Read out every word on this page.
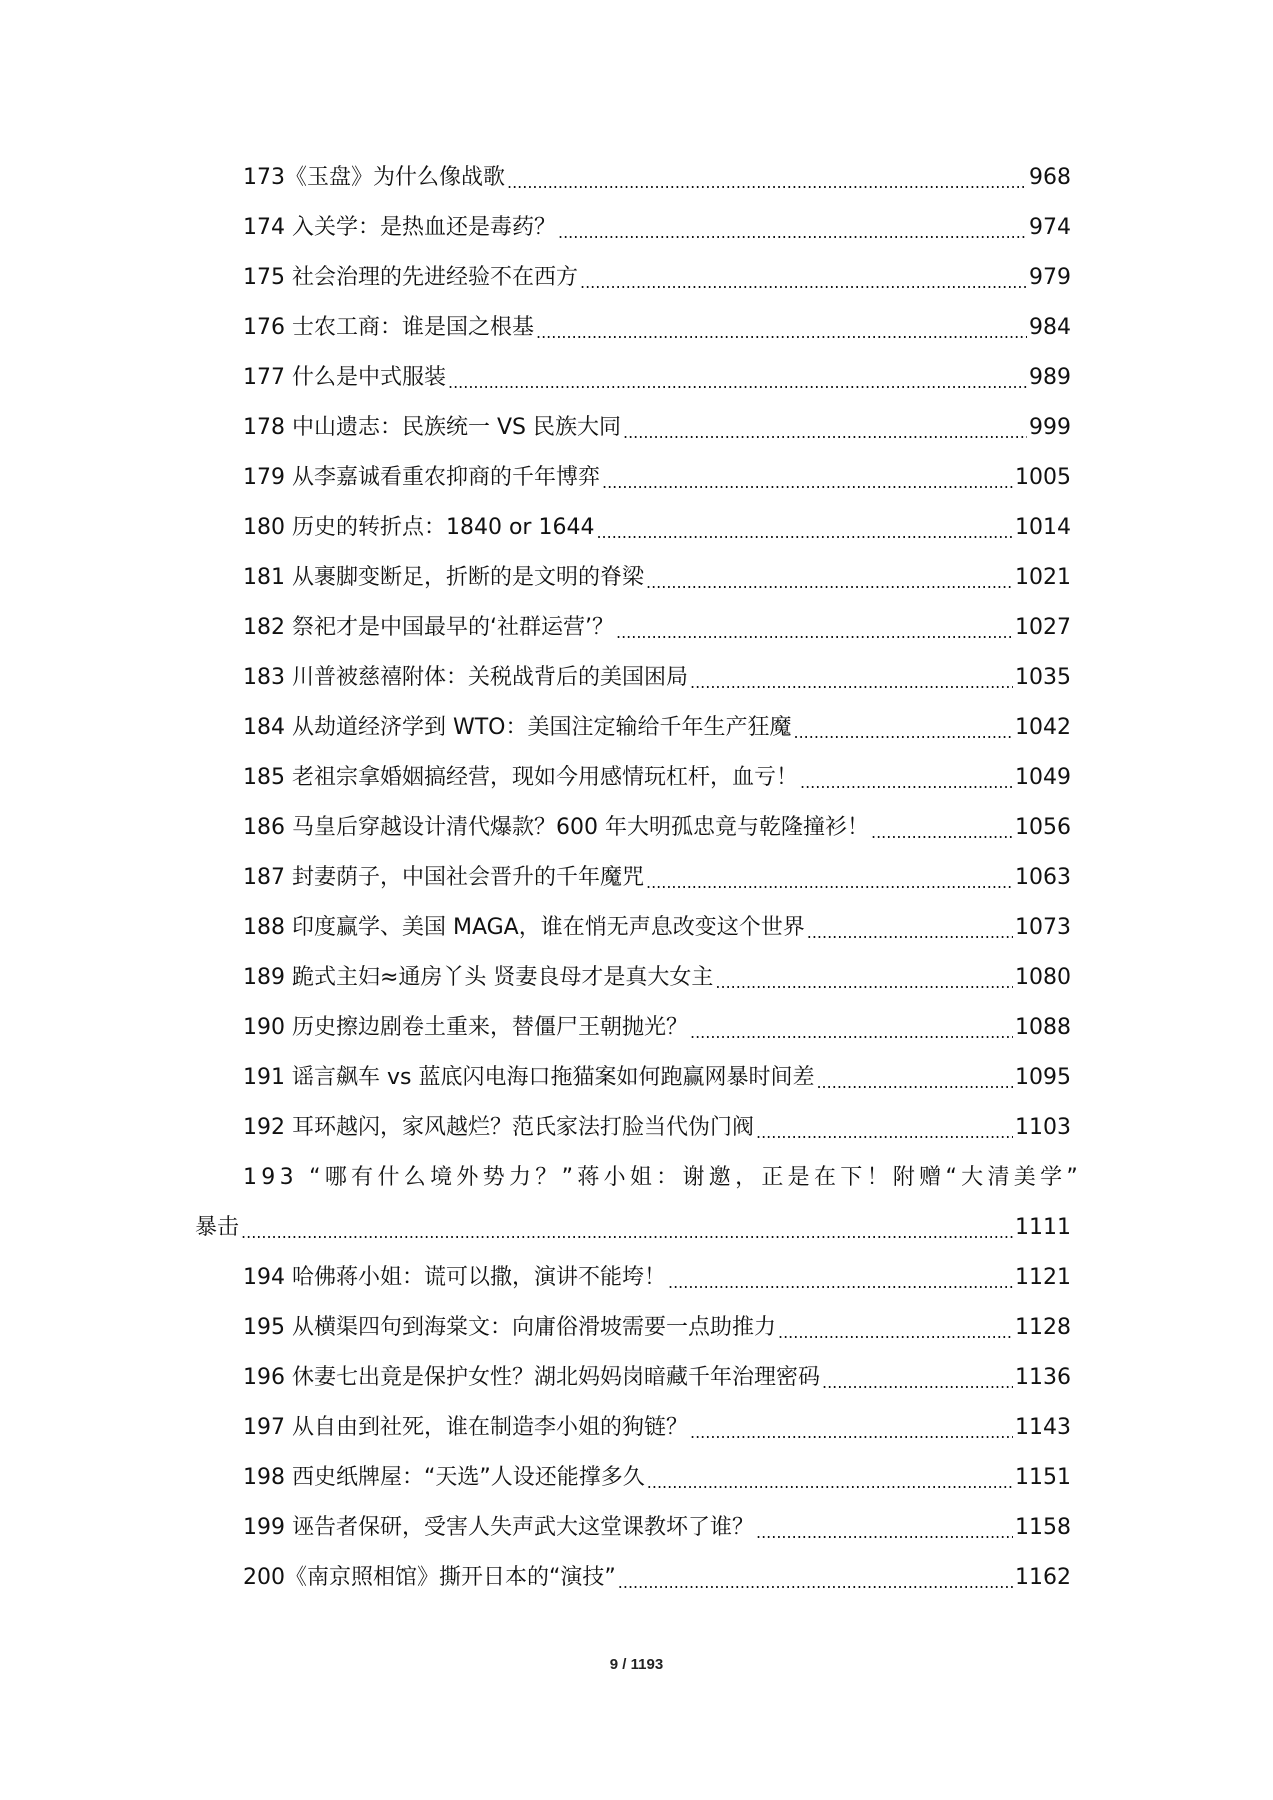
173《玉盘》为什么像战歌 .....	968
174 入关学：是热血还是毒药？ .....	974
175 社会治理的先进经验不在西方 .....	979
176 士农工商：谁是国之根基 .....	984
177 什么是中式服装 .....	989
178 中山遗志：民族统一 VS 民族大同 .....	999
179 从李嘉诚看重农抑商的千年博弈 .....	1005
180 历史的转折点：1840 or 1644 .....	1014
181 从裹脚变断足，折断的是文明的脊梁 .....	1021
182 祭祀才是中国最早的‘社群运营’？ .....	1027
183 川普被慈禧附体：关税战背后的美国困局 .....	1035
184 从劫道经济学到 WTO：美国注定输给千年生产狂魔 .....	1042
185 老祖宗拿婚姻搞经营，现如今用感情玩杠杆，血亏！ .....	1049
186 马皇后穿越设计清代爆款？600 年大明孤忠竟与乾隆撞衫！ .....	1056
187 封妻荫子，中国社会晋升的千年魔咒 .....	1063
188 印度赢学、美国 MAGA，谁在悄无声息改变这个世界 .....	1073
189 跪式主妇≈通房丫头 贤妻良母才是真大女主 .....	1080
190 历史擦边剧卷土重来，替僵尸王朝抛光？ .....	1088
191 谣言飙车 vs 蓝底闪电海口拖猫案如何跑赢网暴时间差 .....	1095
192 耳环越闪，家风越烂？范氏家法打脸当代伪门阀 .....	1103
193 “哪有什么境外势力？”蒋小姐：谢邀，正是在下！附赠“大清美学”
暴击 .....	1111
194 哈佛蒋小姐：谎可以撒，演讲不能垮！ .....	1121
195 从横渠四句到海棠文：向庸俗滑坡需要一点助推力 .....	1128
196 休妻七出竟是保护女性？湖北妈妈岗暗藏千年治理密码 .....	1136
197 从自由到社死，谁在制造李小姐的狗链？ .....	1143
198 西史纸牌屋：“天选”人设还能撑多久 .....	1151
199 诬告者保研，受害人失声武大这堂课教坏了谁？ .....	1158
200《南京照相馆》撕开日本的“演技” .....	1162
9 / 1193
